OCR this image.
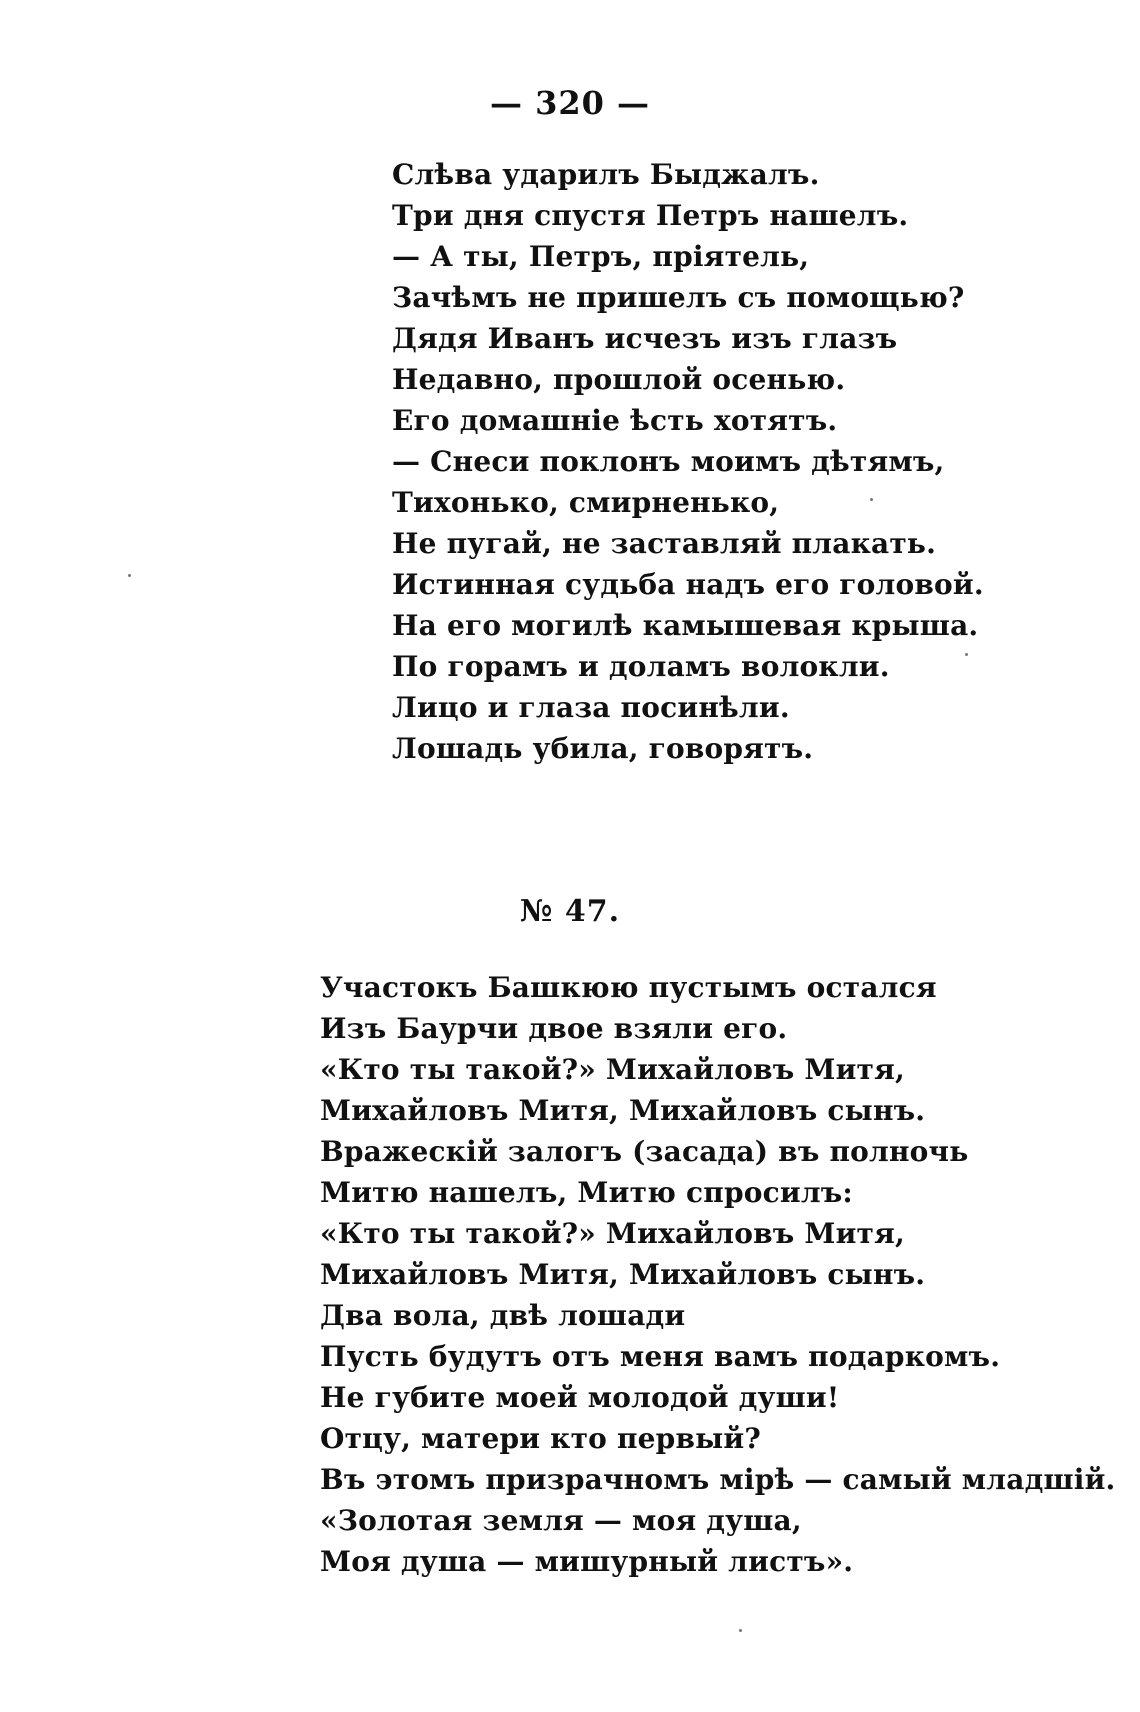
— 320 —
Слѣва ударилъ Быджалъ.
Три дня спустя Петръ нашелъ.
— А ты, Петръ, пріятель,
Зачѣмъ не пришелъ съ помощью?
Дядя Иванъ исчезъ изъ глазъ
Недавно, прошлой осенью.
Его домашніе ѣсть хотятъ.
— Снеси поклонъ моимъ дѣтямъ,
Тихонько, смирненько,
Не пугай, не заставляй плакать.
Истинная судьба надъ его головой.
На его могилѣ камышевая крыша.
По горамъ и доламъ волокли.
Лицо и глаза посинѣли.
Лошадь убила, говорятъ.
№ 47.
Участокъ Башкюю пустымъ остался
Изъ Баурчи двое взяли его.
«Кто ты такой?» Михайловъ Митя,
Михайловъ Митя, Михайловъ сынъ.
Вражескій залогъ (засада) въ полночь
Митю нашелъ, Митю спросилъ:
«Кто ты такой?» Михайловъ Митя,
Михайловъ Митя, Михайловъ сынъ.
Два вола, двѣ лошади
Пусть будутъ отъ меня вамъ подаркомъ.
Не губите моей молодой души!
Отцу, матери кто первый?
Въ этомъ призрачномъ мірѣ — самый младшій.
«Золотая земля — моя душа,
Моя душа — мишурный листъ».
